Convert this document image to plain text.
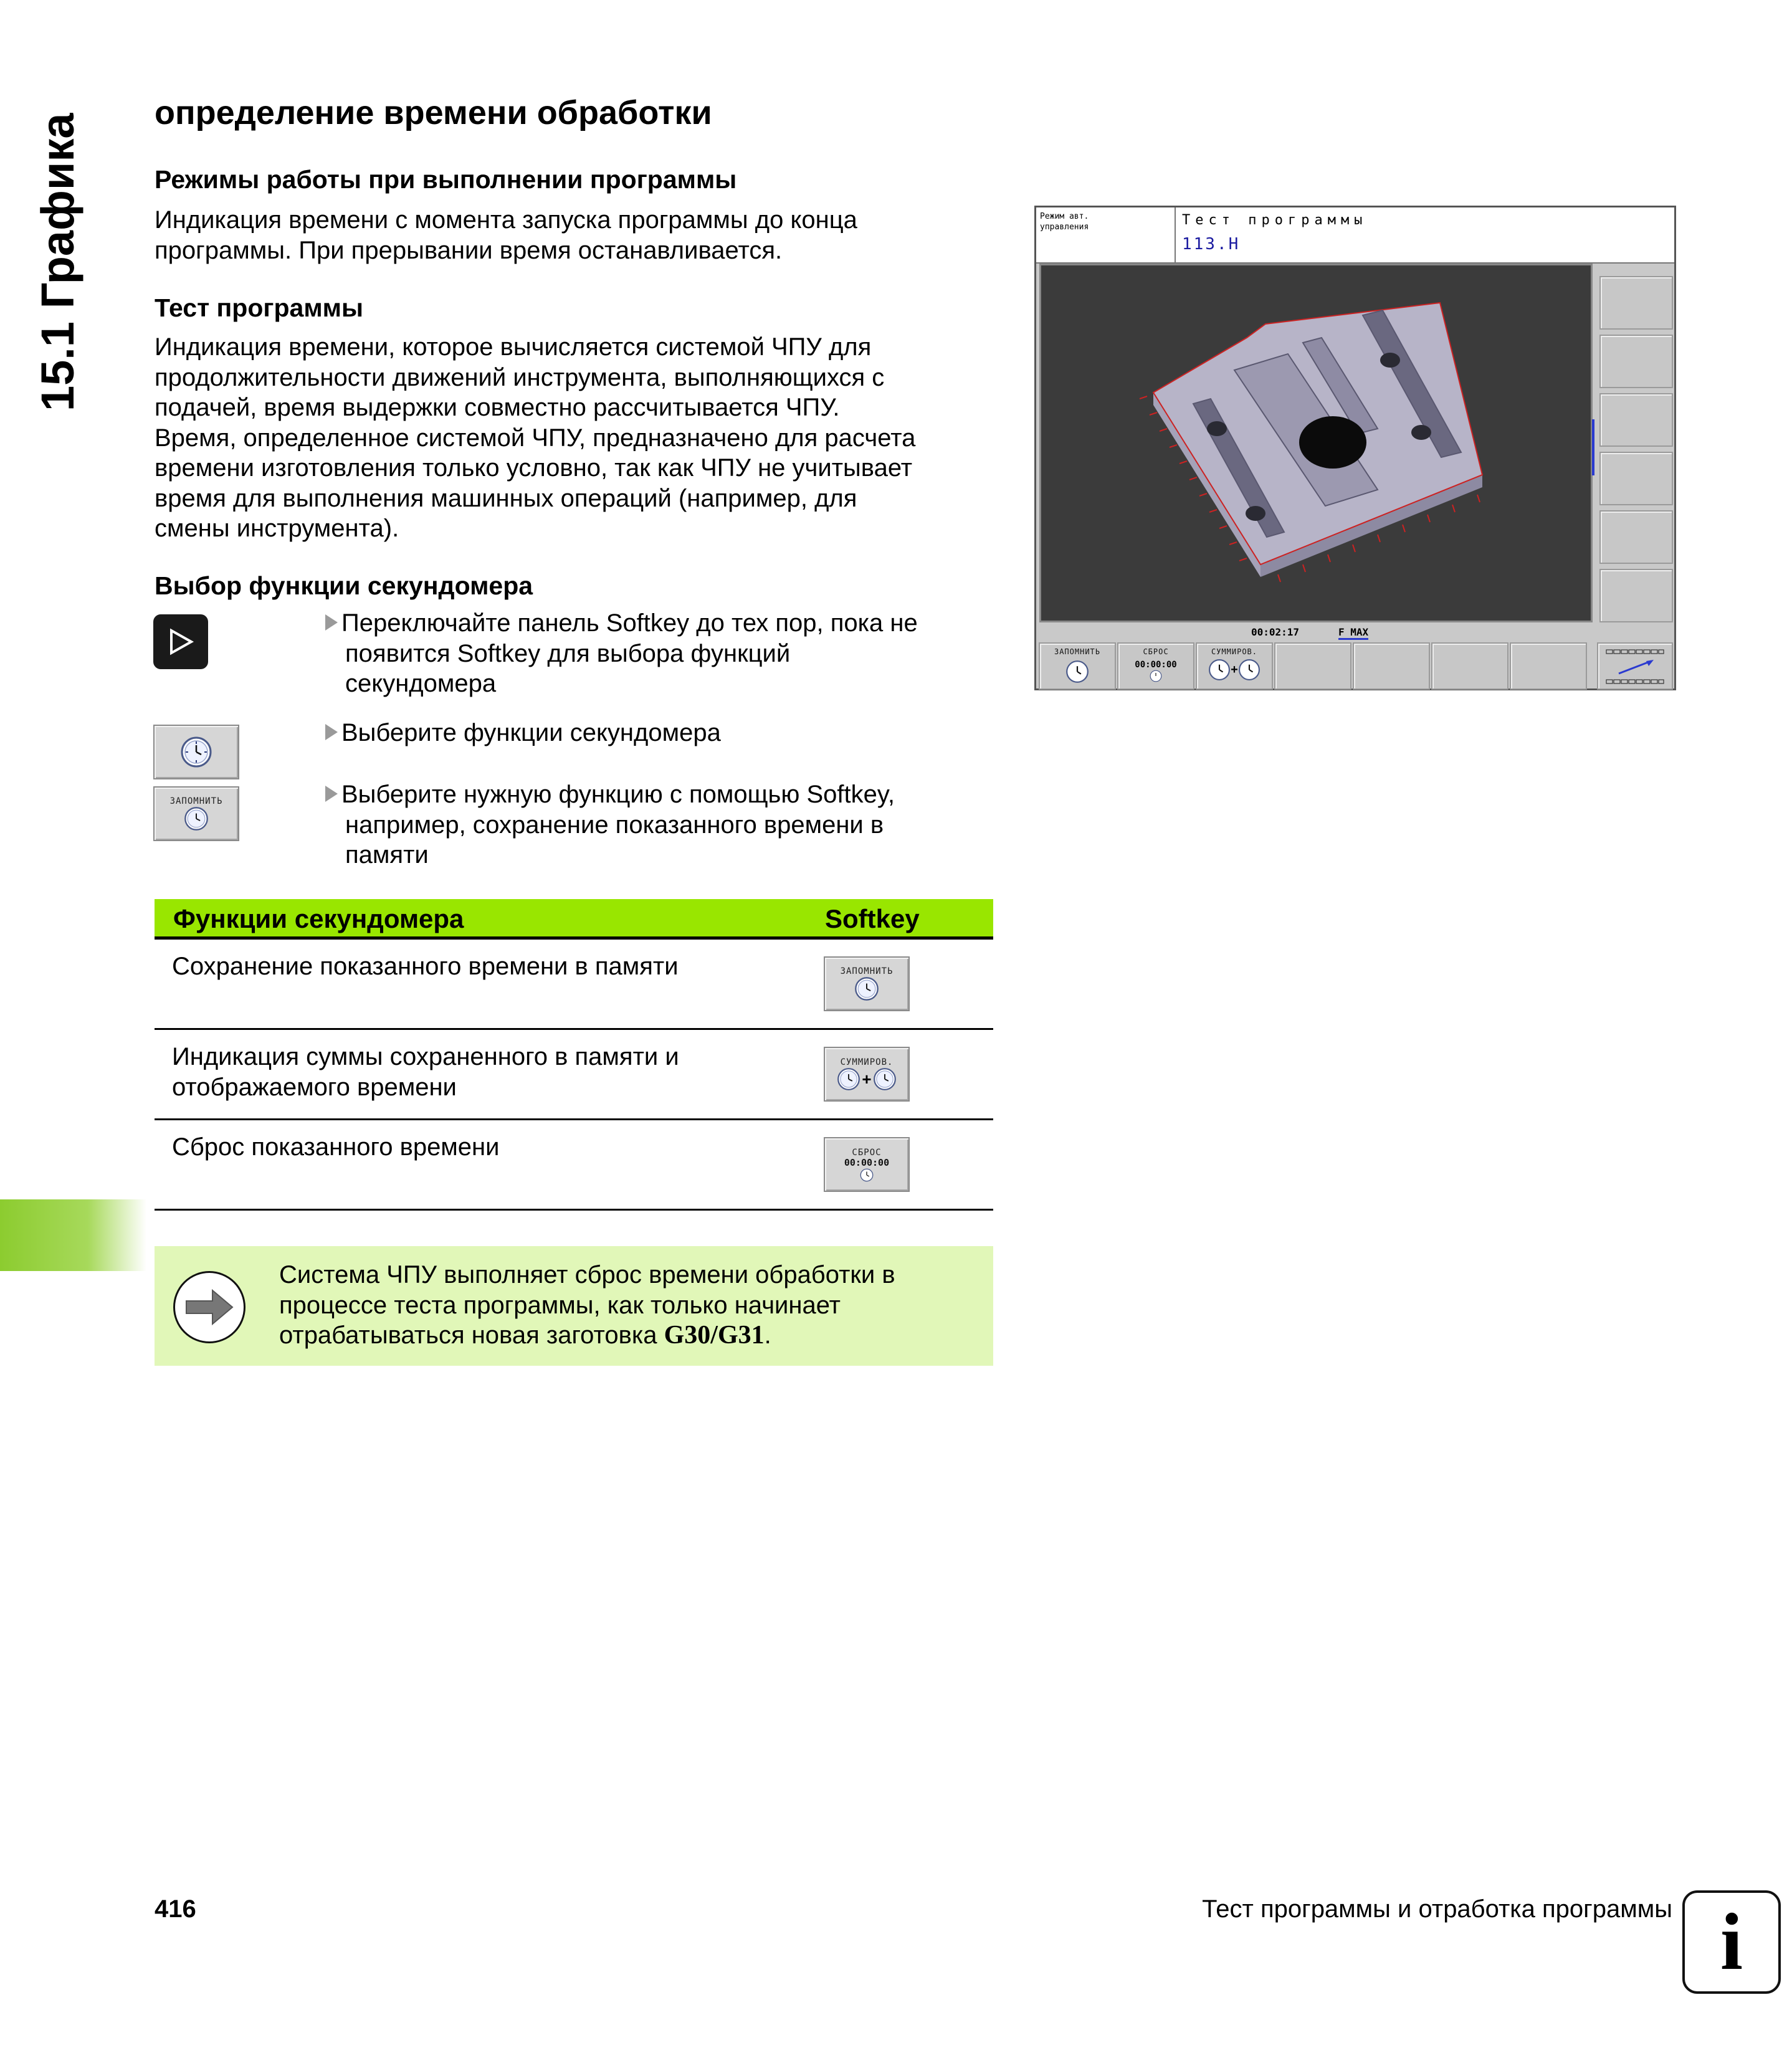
15.1 Графика
определение времени обработки
Режимы работы при выполнении программы
Индикация времени с момента запуска программы до конца
программы. При прерывании время останавливается.
Тест программы
Индикация времени, которое вычисляется системой ЧПУ для
продолжительности движений инструмента, выполняющихся с
подачей, время выдержки совместно рассчитывается ЧПУ.
Время, определенное системой ЧПУ, предназначено для расчета
времени изготовления только условно, так как ЧПУ не учитывает
время для выполнения машинных операций (например, для
смены инструмента).
Выбор функции секундомера
Переключайте панель Softkey до тех пор, пока не
появится Softkey для выбора функций
секундомера
Выберите функции секундомера
ЗАПОМНИТЬ	Выберите нужную функцию с помощью Softkey,
например, сохранение показанного времени в
памяти
Функции секундомера	Softkey
Сохранение показанного времени в памяти	ЗАПОМНИТЬ
Индикация суммы сохраненного в памяти и
отображаемого времени
СУММИРОВ.
+
Сброс показанного времени	СБРОС
00:00:00
Система ЧПУ выполняет сброс времени обработки в
процессе теста программы, как только начинает
отрабатываться новая заготовка G30/G31.
416	Тест программы и отработка программы i
Режим авт.
управления	Тест программы
113.H
00:02:17	F MAX
ЗАПОМНИТЬ	СБРОС
00:00:00
СУММИРОВ.
+
